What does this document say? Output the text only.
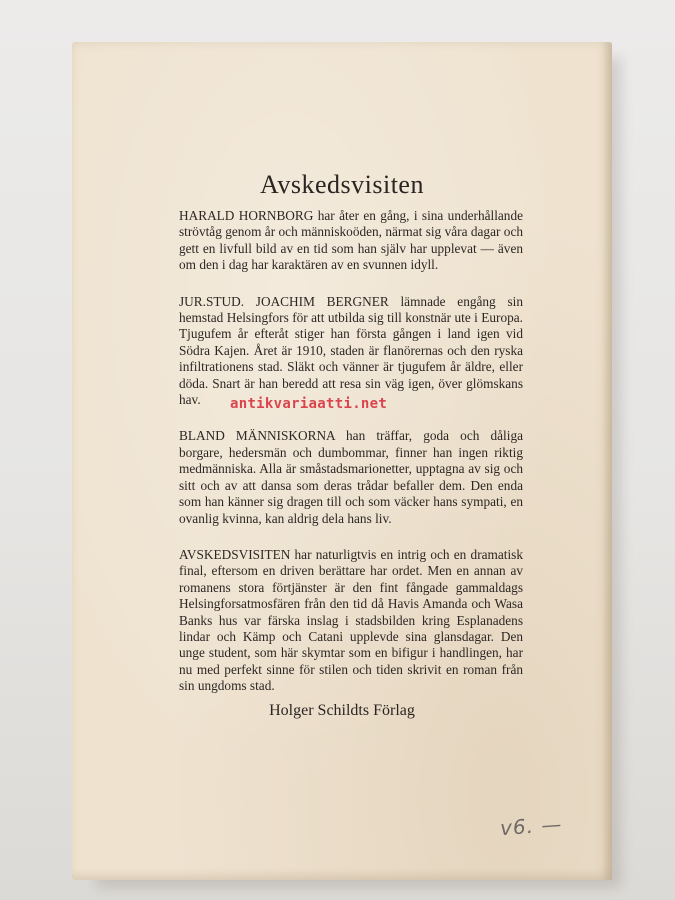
Avskedsvisiten

HARALD HORNBORG har åter en gång, i sina underhållande strövtåg genom år och människoöden, närmat sig våra dagar och gett en livfull bild av en tid som han själv har upplevat — även om den i dag har karaktären av en svunnen idyll.

JUR.STUD. JOACHIM BERGNER lämnade engång sin hemstad Helsingfors för att utbilda sig till konstnär ute i Europa. Tjugufem år efteråt stiger han första gången i land igen vid Södra Kajen. Året är 1910, staden är flanörernas och den ryska infiltrationens stad. Släkt och vänner är tjugufem år äldre, eller döda. Snart är han beredd att resa sin väg igen, över glömskans hav.

BLAND MÄNNISKORNA han träffar, goda och dåliga borgare, hedersmän och dumbommar, finner han ingen riktig medmänniska. Alla är småstadsmarionetter, upptagna av sig och sitt och av att dansa som deras trådar befaller dem. Den enda som han känner sig dragen till och som väcker hans sympati, en ovanlig kvinna, kan aldrig dela hans liv.

AVSKEDSVISITEN har naturligtvis en intrig och en dramatisk final, eftersom en driven berättare har ordet. Men en annan av romanens stora förtjänster är den fint fångade gammaldags Helsingforsatmosfären från den tid då Havis Amanda och Wasa Banks hus var färska inslag i stadsbilden kring Esplanadens lindar och Kämp och Catani upplevde sina glansdagar. Den unge student, som här skymtar som en bifigur i handlingen, har nu med perfekt sinne för stilen och tiden skrivit en roman från sin ungdoms stad.

Holger Schildts Förlag
v6. —
antikvariaatti.net
